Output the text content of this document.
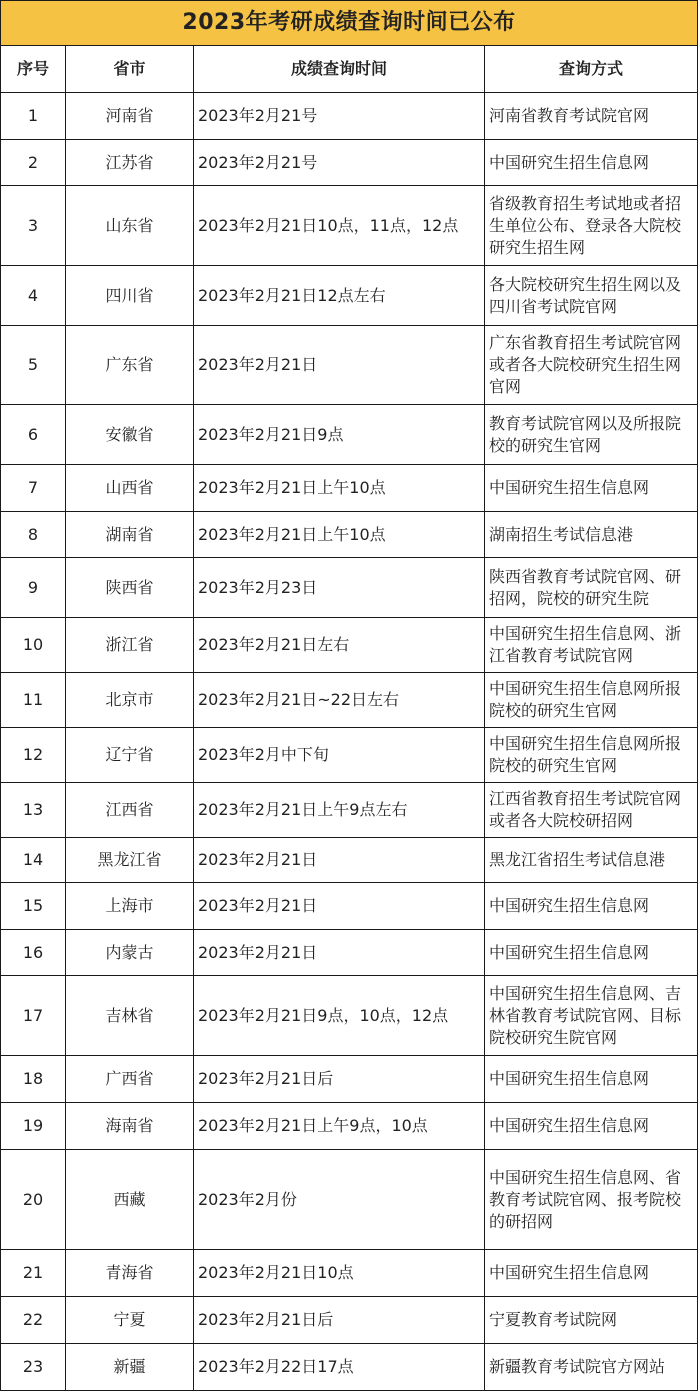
2023年考研成绩查询时间已公布			
序号	省市	成绩查询时间	查询方式
1	河南省	2023年2月21号	河南省教育考试院官网
2	江苏省	2023年2月21号	中国研究生招生信息网
3	山东省	2023年2月21日10点，11点，12点	省级教育招生考试地或者招生单位公布、登录各大院校研究生招生网
4	四川省	2023年2月21日12点左右	各大院校研究生招生网以及四川省考试院官网
5	广东省	2023年2月21日	广东省教育招生考试院官网或者各大院校研究生招生网官网
6	安徽省	2023年2月21日9点	教育考试院官网以及所报院校的研究生官网
7	山西省	2023年2月21日上午10点	中国研究生招生信息网
8	湖南省	2023年2月21日上午10点	湖南招生考试信息港
9	陕西省	2023年2月23日	陕西省教育考试院官网、研招网，院校的研究生院
10	浙江省	2023年2月21日左右	中国研究生招生信息网、浙江省教育考试院官网
11	北京市	2023年2月21日~22日左右	中国研究生招生信息网所报院校的研究生官网
12	辽宁省	2023年2月中下旬	中国研究生招生信息网所报院校的研究生官网
13	江西省	2023年2月21日上午9点左右	江西省教育招生考试院官网或者各大院校研招网
14	黑龙江省	2023年2月21日	黑龙江省招生考试信息港
15	上海市	2023年2月21日	中国研究生招生信息网
16	内蒙古	2023年2月21日	中国研究生招生信息网
17	吉林省	2023年2月21日9点，10点，12点	中国研究生招生信息网、吉林省教育考试院官网、目标院校研究生院官网
18	广西省	2023年2月21日后	中国研究生招生信息网
19	海南省	2023年2月21日上午9点，10点	中国研究生招生信息网
20	西藏	2023年2月份	中国研究生招生信息网、省教育考试院官网、报考院校的研招网
21	青海省	2023年2月21日10点	中国研究生招生信息网
22	宁夏	2023年2月21日后	宁夏教育考试院网
23	新疆	2023年2月22日17点	新疆教育考试院官方网站
